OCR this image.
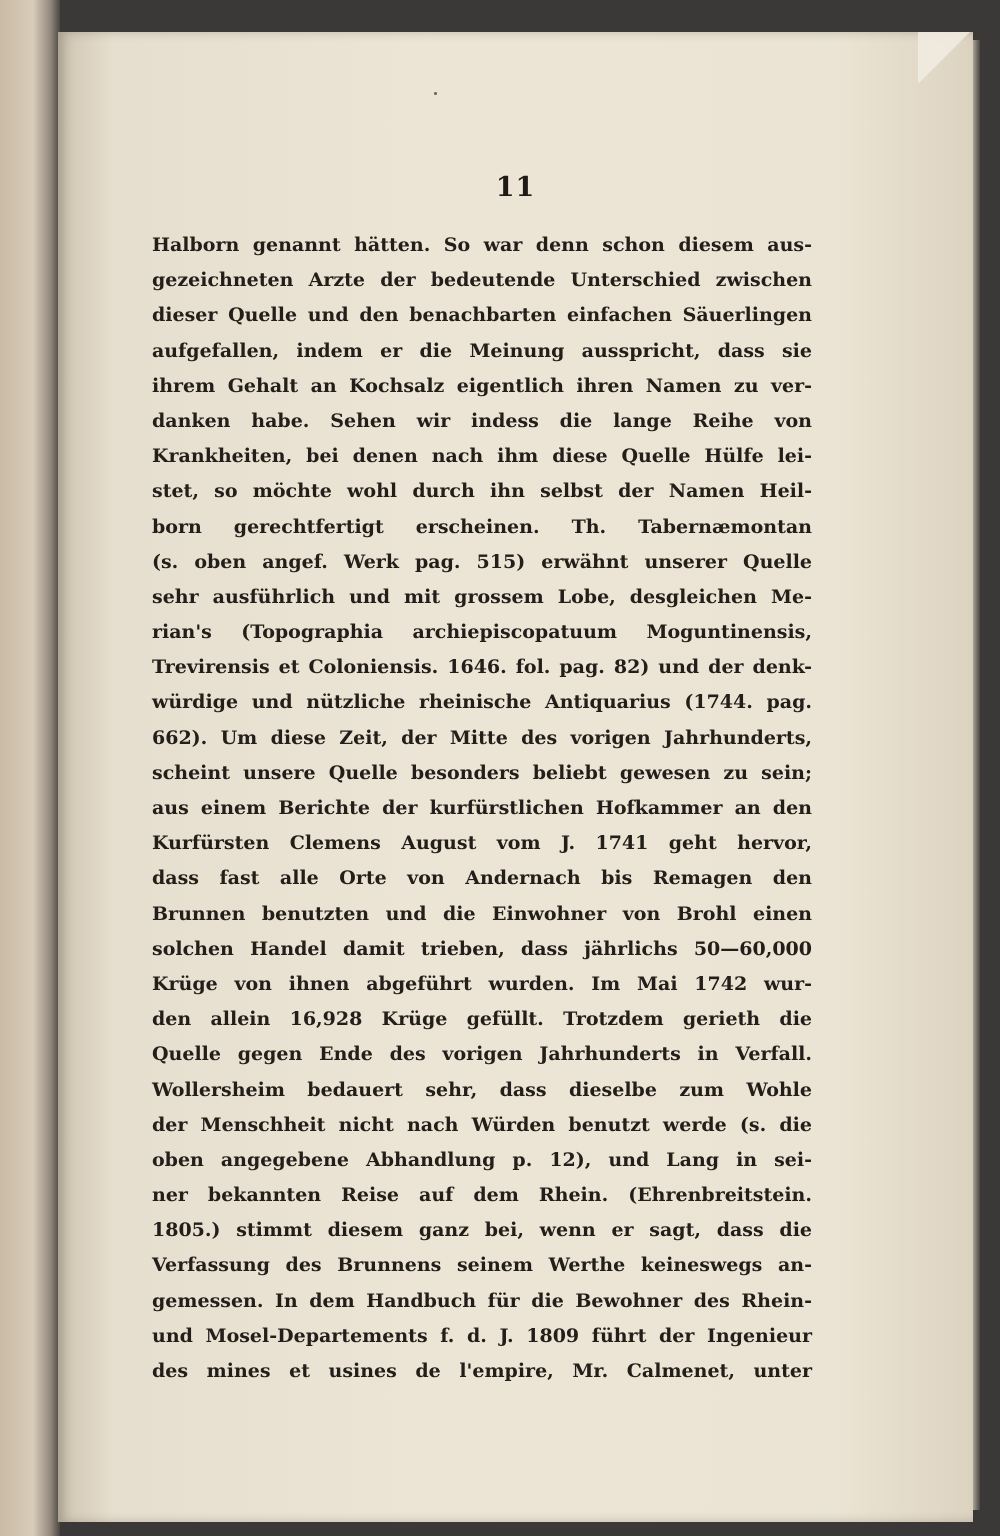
11
Halborn genannt hätten. So war denn schon diesem aus-
gezeichneten Arzte der bedeutende Unterschied zwischen
dieser Quelle und den benachbarten einfachen Säuerlingen
aufgefallen, indem er die Meinung ausspricht, dass sie
ihrem Gehalt an Kochsalz eigentlich ihren Namen zu ver-
danken habe. Sehen wir indess die lange Reihe von
Krankheiten, bei denen nach ihm diese Quelle Hülfe lei-
stet, so möchte wohl durch ihn selbst der Namen Heil-
born gerechtfertigt erscheinen. Th. Tabernæmontan
(s. oben angef. Werk pag. 515) erwähnt unserer Quelle
sehr ausführlich und mit grossem Lobe, desgleichen Me-
rian's (Topographia archiepiscopatuum Moguntinensis,
Trevirensis et Coloniensis. 1646. fol. pag. 82) und der denk-
würdige und nützliche rheinische Antiquarius (1744. pag.
662). Um diese Zeit, der Mitte des vorigen Jahrhunderts,
scheint unsere Quelle besonders beliebt gewesen zu sein;
aus einem Berichte der kurfürstlichen Hofkammer an den
Kurfürsten Clemens August vom J. 1741 geht hervor,
dass fast alle Orte von Andernach bis Remagen den
Brunnen benutzten und die Einwohner von Brohl einen
solchen Handel damit trieben, dass jährlichs 50—60,000
Krüge von ihnen abgeführt wurden. Im Mai 1742 wur-
den allein 16,928 Krüge gefüllt. Trotzdem gerieth die
Quelle gegen Ende des vorigen Jahrhunderts in Verfall.
Wollersheim bedauert sehr, dass dieselbe zum Wohle
der Menschheit nicht nach Würden benutzt werde (s. die
oben angegebene Abhandlung p. 12), und Lang in sei-
ner bekannten Reise auf dem Rhein. (Ehrenbreitstein.
1805.) stimmt diesem ganz bei, wenn er sagt, dass die
Verfassung des Brunnens seinem Werthe keineswegs an-
gemessen. In dem Handbuch für die Bewohner des Rhein-
und Mosel-Departements f. d. J. 1809 führt der Ingenieur
des mines et usines de l'empire, Mr. Calmenet, unter
